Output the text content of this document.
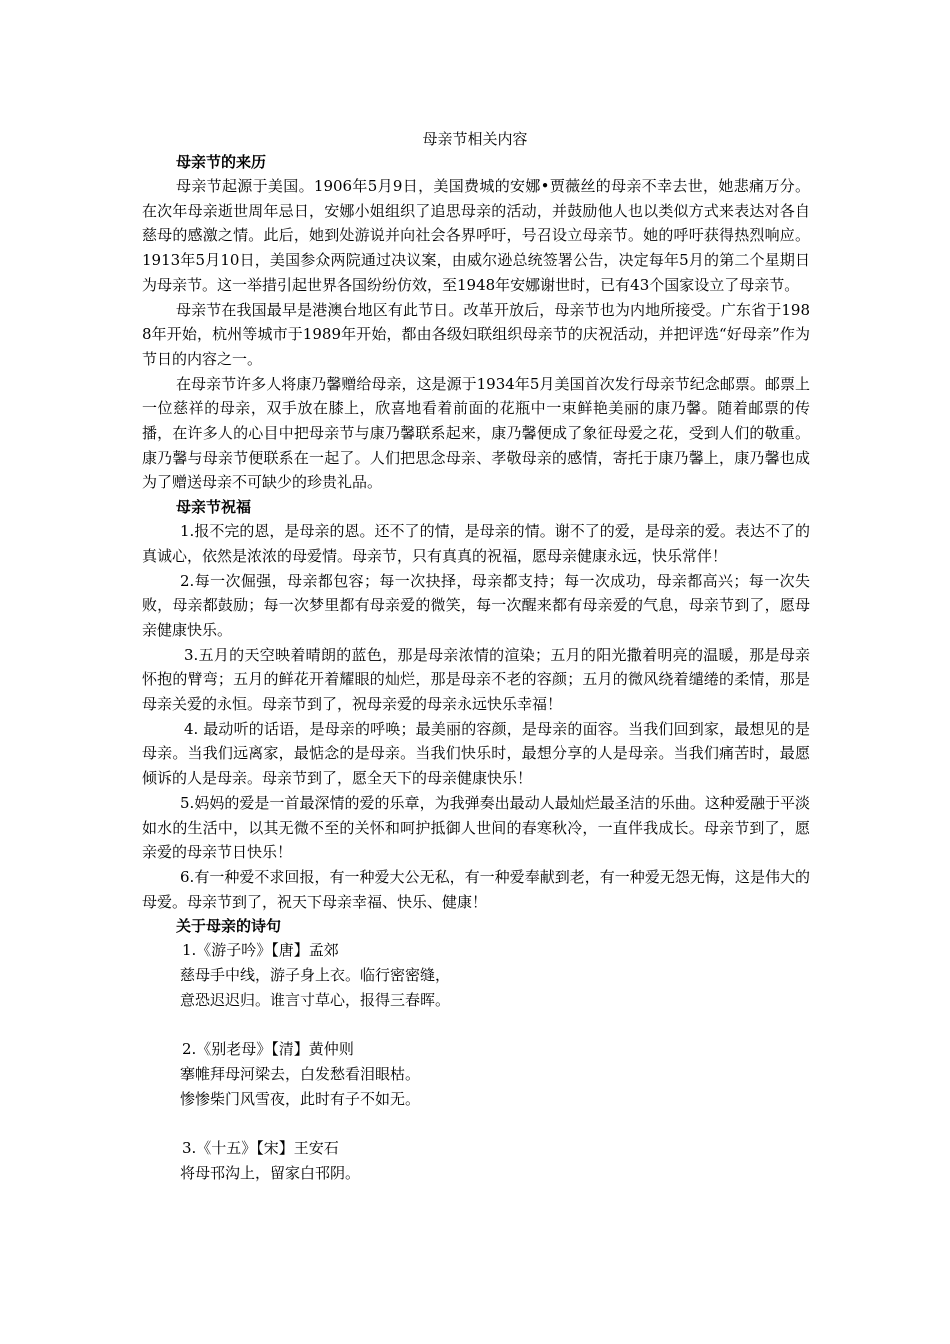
母亲节相关内容
母亲节的来历

母亲节起源于美国。1906年5月9日，美国费城的安娜•贾薇丝的母亲不幸去世，她悲痛万分。在次年母亲逝世周年忌日，安娜小姐组织了追思母亲的活动，并鼓励他人也以类似方式来表达对各自慈母的感激之情。此后，她到处游说并向社会各界呼吁，号召设立母亲节。她的呼吁获得热烈响应。1913年5月10日，美国参众两院通过决议案，由威尔逊总统签署公告，决定每年5月的第二个星期日为母亲节。这一举措引起世界各国纷纷仿效，至1948年安娜谢世时，已有43个国家设立了母亲节。

母亲节在我国最早是港澳台地区有此节日。改革开放后，母亲节也为内地所接受。广东省于1988年开始，杭州等城市于1989年开始，都由各级妇联组织母亲节的庆祝活动，并把评选“好母亲”作为节日的内容之一。

在母亲节许多人将康乃馨赠给母亲，这是源于1934年5月美国首次发行母亲节纪念邮票。邮票上一位慈祥的母亲，双手放在膝上，欣喜地看着前面的花瓶中一束鲜艳美丽的康乃馨。随着邮票的传播，在许多人的心目中把母亲节与康乃馨联系起来，康乃馨便成了象征母爱之花，受到人们的敬重。康乃馨与母亲节便联系在一起了。人们把思念母亲、孝敬母亲的感情，寄托于康乃馨上，康乃馨也成为了赠送母亲不可缺少的珍贵礼品。

母亲节祝福

1.报不完的恩，是母亲的恩。还不了的情，是母亲的情。谢不了的爱，是母亲的爱。表达不了的真诚心，依然是浓浓的母爱情。母亲节，只有真真的祝福，愿母亲健康永远，快乐常伴！

2.每一次倔强，母亲都包容；每一次抉择，母亲都支持；每一次成功，母亲都高兴；每一次失败，母亲都鼓励；每一次梦里都有母亲爱的微笑，每一次醒来都有母亲爱的气息，母亲节到了，愿母亲健康快乐。

3.五月的天空映着晴朗的蓝色，那是母亲浓情的渲染；五月的阳光撒着明亮的温暖，那是母亲怀抱的臂弯；五月的鲜花开着耀眼的灿烂，那是母亲不老的容颜；五月的微风绕着缱绻的柔情，那是母亲关爱的永恒。母亲节到了，祝母亲爱的母亲永远快乐幸福！

4. 最动听的话语，是母亲的呼唤；最美丽的容颜，是母亲的面容。当我们回到家，最想见的是母亲。当我们远离家，最惦念的是母亲。当我们快乐时，最想分享的人是母亲。当我们痛苦时，最愿倾诉的人是母亲。母亲节到了，愿全天下的母亲健康快乐！

5.妈妈的爱是一首最深情的爱的乐章，为我弹奏出最动人最灿烂最圣洁的乐曲。这种爱融于平淡如水的生活中，以其无微不至的关怀和呵护抵御人世间的春寒秋冷，一直伴我成长。母亲节到了，愿亲爱的母亲节日快乐！

6.有一种爱不求回报，有一种爱大公无私，有一种爱奉献到老，有一种爱无怨无悔，这是伟大的母爱。母亲节到了，祝天下母亲幸福、快乐、健康！

关于母亲的诗句

1.《游子吟》【唐】孟郊

慈母手中线，游子身上衣。临行密密缝，

意恐迟迟归。谁言寸草心，报得三春晖。

2.《别老母》【清】黄仲则

搴帷拜母河梁去，白发愁看泪眼枯。

惨惨柴门风雪夜，此时有子不如无。

3.《十五》【宋】王安石

将母邗沟上，留家白邗阴。
